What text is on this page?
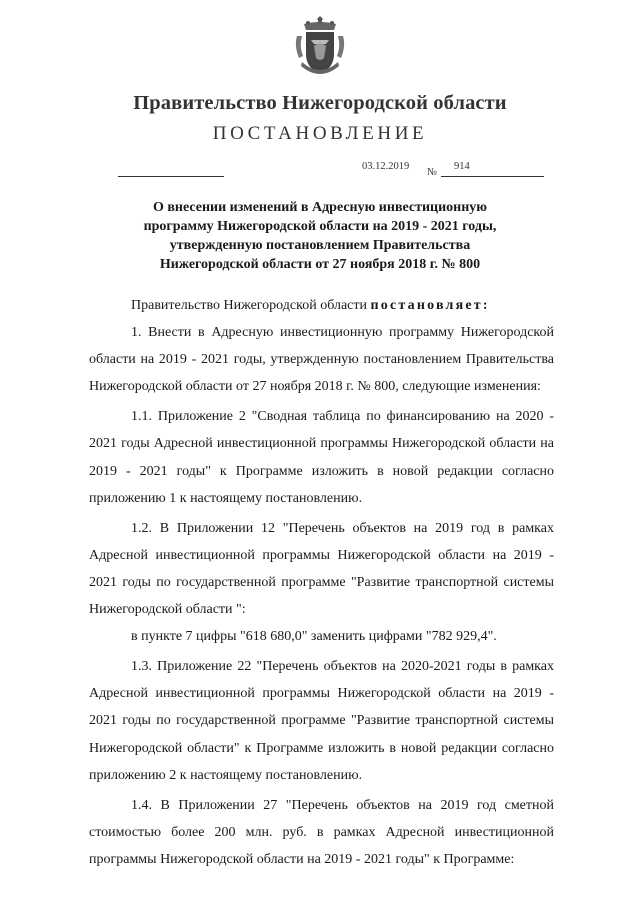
Правительство Нижегородской области
ПОСТАНОВЛЕНИЕ
03.12.2019
№
914
О внесении изменений в Адресную инвестиционную
программу Нижегородской области на 2019 - 2021 годы,
утвержденную постановлением Правительства
Нижегородской области от 27 ноября 2018 г. № 800

Правительство Нижегородской области постановляет:

1. Внести в Адресную инвестиционную программу Нижегородской области на 2019 - 2021 годы, утвержденную постановлением Правительства Нижегородской области от 27 ноября 2018 г. № 800, следующие изменения:

1.1. Приложение 2 "Сводная таблица по финансированию на 2020 - 2021 годы Адресной инвестиционной программы Нижегородской области на 2019 - 2021 годы" к Программе изложить в новой редакции согласно приложению 1 к настоящему постановлению.

1.2. В Приложении 12 "Перечень объектов на 2019 год в рамках Адресной инвестиционной программы Нижегородской области на 2019 - 2021 годы по государственной программе "Развитие транспортной системы Нижегородской области ":

в пункте 7 цифры "618 680,0" заменить цифрами "782 929,4".

1.3. Приложение 22 "Перечень объектов на 2020-2021 годы в рамках Адресной инвестиционной программы Нижегородской области на 2019 - 2021 годы по государственной программе "Развитие транспортной системы Нижегородской области" к Программе изложить в новой редакции согласно приложению 2 к настоящему постановлению.

1.4. В Приложении 27 "Перечень объектов на 2019 год сметной стоимостью более 200 млн. руб. в рамках Адресной инвестиционной программы Нижегородской области на 2019 - 2021 годы" к Программе:
